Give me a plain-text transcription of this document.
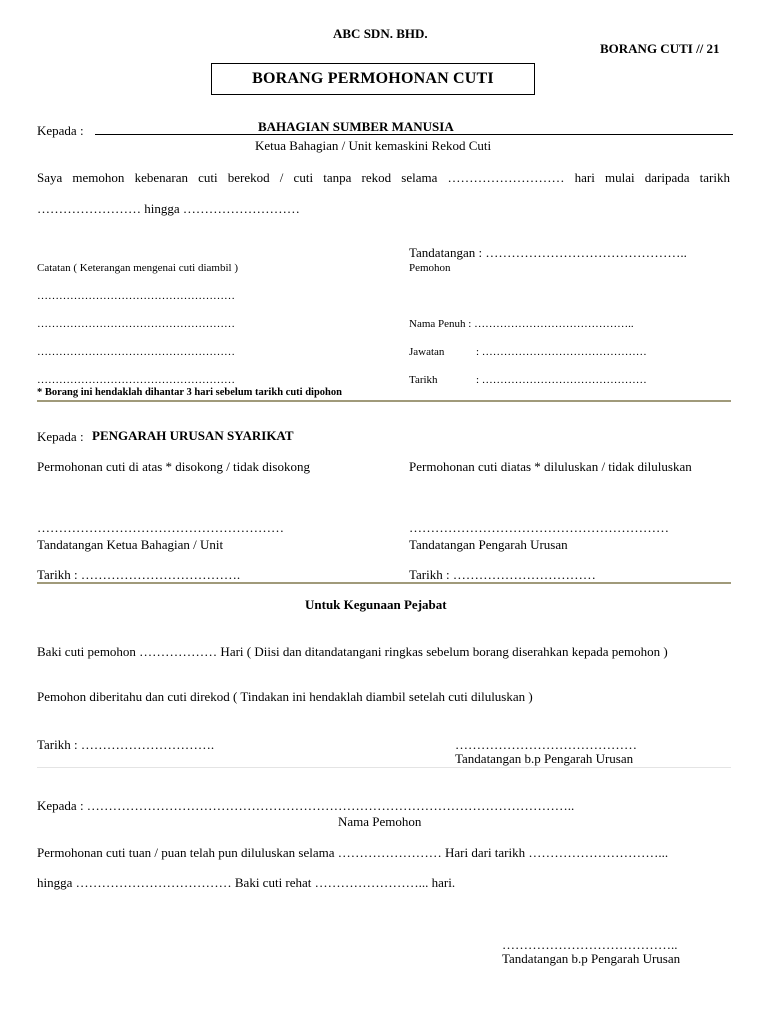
ABC SDN. BHD.
BORANG CUTI // 21
BORANG PERMOHONAN CUTI
Kepada :	BAHAGIAN SUMBER MANUSIA
Ketua Bahagian / Unit kemaskini Rekod Cuti
Saya memohon kebenaran cuti berekod / cuti tanpa rekod selama ……………………… hari mulai daripada tarikh
…………………… hingga ………………………
Tandatangan : ………………………………………..
Pemohon
Catatan ( Keterangan mengenai cuti diambil )
………………………………………………
………………………………………………
………………………………………………
………………………………………………
Nama Penuh : ……………………………………..
Jawatan	: ………………………………………
Tarikh	: ………………………………………
* Borang ini hendaklah dihantar 3 hari sebelum tarikh cuti dipohon
Kepada : PENGARAH URUSAN SYARIKAT
Permohonan cuti di atas * disokong / tidak disokong	Permohonan cuti diatas * diluluskan / tidak diluluskan
…………………………………………………	……………………………………………………
Tandatangan Ketua Bahagian / Unit	Tandatangan Pengarah Urusan
Tarikh : ……………………………….	Tarikh : ……………………………
Untuk Kegunaan Pejabat
Baki cuti pemohon ……………… Hari ( Diisi dan ditandatangani ringkas sebelum borang diserahkan kepada pemohon )
Pemohon diberitahu dan cuti direkod ( Tindakan ini hendaklah diambil setelah cuti diluluskan )
Tarikh : ………………………….	……………………………………
Tandatangan b.p Pengarah Urusan
Kepada : …………………………………………………………………………………………………..
Nama Pemohon
Permohonan cuti tuan / puan telah pun diluluskan selama …………………… Hari dari tarikh …………………………...
hingga ……………………………… Baki cuti rehat ……………………... hari.
…………………………………..
Tandatangan b.p Pengarah Urusan
